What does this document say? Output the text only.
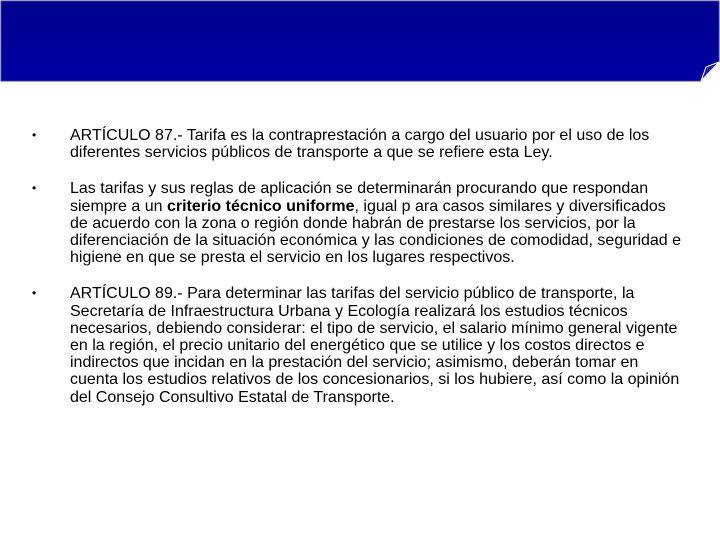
•	ARTÍCULO 87.- Tarifa es la contraprestación a cargo del usuario por el uso de los diferentes servicios públicos de transporte a que se refiere esta Ley.
•	Las tarifas y sus reglas de aplicación se determinarán procurando que respondan siempre a un criterio técnico uniforme, igual p ara casos similares y diversificados de acuerdo con la zona o región donde habrán de prestarse los servicios, por la diferenciación de la situación económica y las condiciones de comodidad, seguridad e higiene en que se presta el servicio en los lugares respectivos.
•	ARTÍCULO 89.- Para determinar las tarifas del servicio público de transporte, la Secretaría de Infraestructura Urbana y Ecología realizará los estudios técnicos necesarios, debiendo considerar: el tipo de servicio, el salario mínimo general vigente en la región, el precio unitario del energético que se utilice y los costos directos e indirectos que incidan en la prestación del servicio; asimismo, deberán tomar en cuenta los estudios relativos de los concesionarios, si los hubiere, así como la opinión del Consejo Consultivo Estatal de Transporte.
